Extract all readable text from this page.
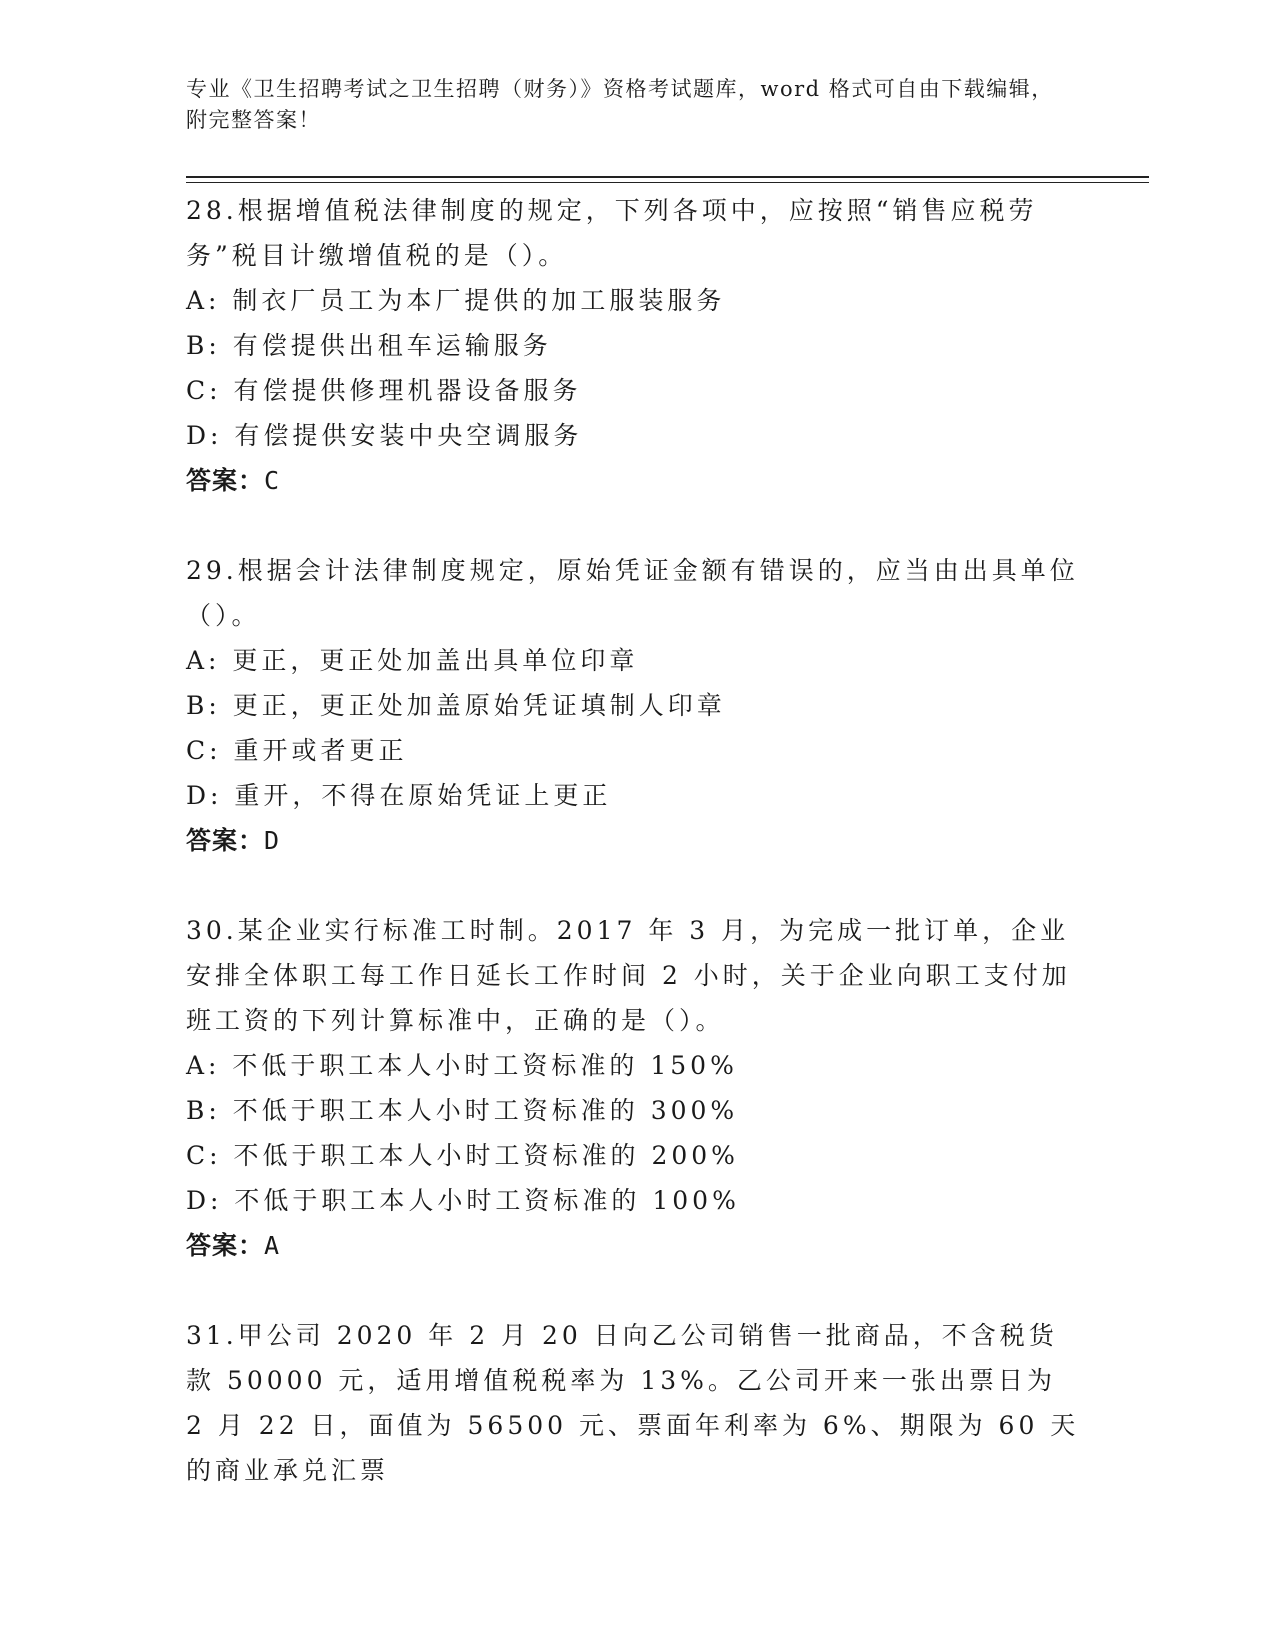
专业《卫生招聘考试之卫生招聘（财务）》资格考试题库，word 格式可自由下载编辑，附完整答案！

28.根据增值税法律制度的规定，下列各项中，应按照“销售应税劳务”税目计缴增值税的是（）。

A: 制衣厂员工为本厂提供的加工服装服务

B: 有偿提供出租车运输服务

C: 有偿提供修理机器设备服务

D: 有偿提供安装中央空调服务

答案：C

29.根据会计法律制度规定，原始凭证金额有错误的，应当由出具单位（）。

A: 更正，更正处加盖出具单位印章

B: 更正，更正处加盖原始凭证填制人印章

C: 重开或者更正

D: 重开，不得在原始凭证上更正

答案：D

30.某企业实行标准工时制。2017 年 3 月，为完成一批订单，企业安排全体职工每工作日延长工作时间 2 小时，关于企业向职工支付加班工资的下列计算标准中，正确的是（）。

A: 不低于职工本人小时工资标准的 150%

B: 不低于职工本人小时工资标准的 300%

C: 不低于职工本人小时工资标准的 200%

D: 不低于职工本人小时工资标准的 100%

答案：A

31.甲公司 2020 年 2 月 20 日向乙公司销售一批商品，不含税货款 50000 元，适用增值税税率为 13%。乙公司开来一张出票日为 2 月 22 日，面值为 56500 元、票面年利率为 6%、期限为 60 天的商业承兑汇票
